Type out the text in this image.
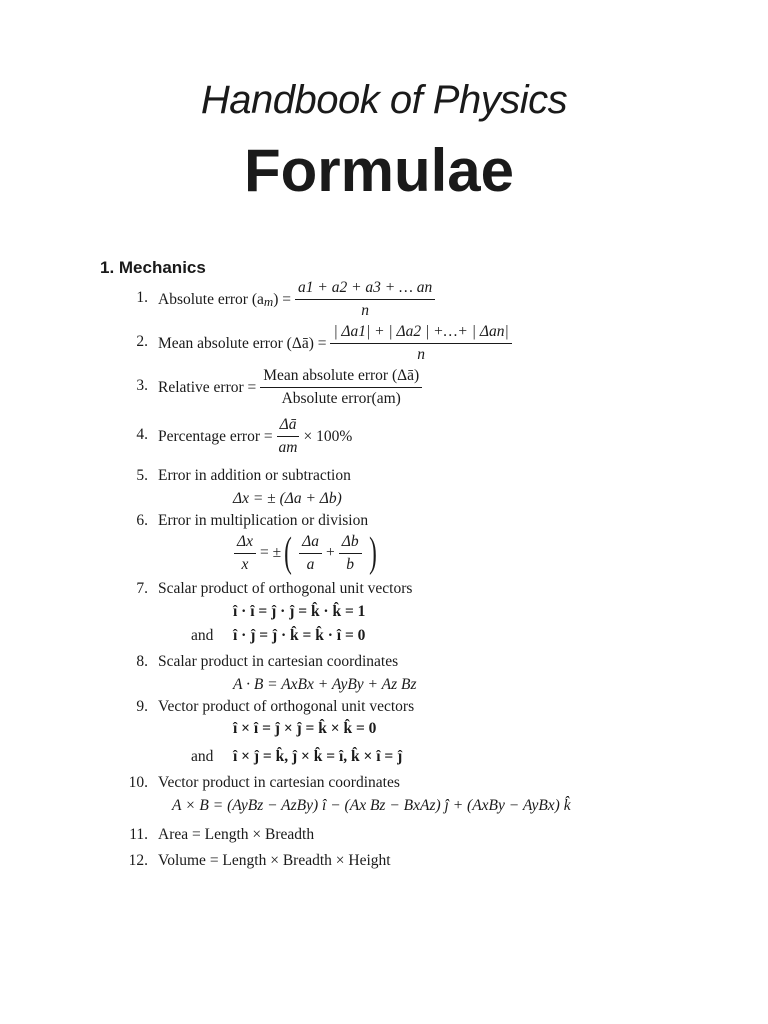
Handbook of Physics
Formulae
1. Mechanics
1. Absolute error (a $_m$ ) = $\frac{a1 + a2 + a3 + \dots an}{n}$
2. Mean absolute error (Δā) = $\frac{\text{| Δa1| + | Δa2 | +…+ | Δan|}}{n}$
3. Relative error = $\frac{\text{Mean absolute error (Δā)}}{\text{Absolute error(am)}}$
4. Percentage error = $\frac{\Delta ā}{am} \times 100\%$
5. Error in addition or subtraction
Δx = ± (Δa + Δb)
6. Error in multiplication or division
$\frac{\Delta x}{x}$ = ± ( $\frac{\Delta a}{a} + \frac{\Delta b}{b}$ )
7. Scalar product of orthogonal unit vectors
î · î = ĵ · ĵ = k̂ · k̂ = 1
and î · ĵ = ĵ · k̂ = k̂ · î = 0
8. Scalar product in cartesian coordinates
A · B = AxBx + AyBy + Az Bz
9. Vector product of orthogonal unit vectors
î × î = ĵ × ĵ = k̂ × k̂ = 0
and î × ĵ = k̂, ĵ × k̂ = î, k̂ × î = ĵ
10. Vector product in cartesian coordinates
A × B = (AyBz − AzBy) î − (Ax Bz − BxAz) ĵ + (AxBy − AyBx) k̂
11. Area = Length × Breadth
12. Volume = Length × Breadth × Height
